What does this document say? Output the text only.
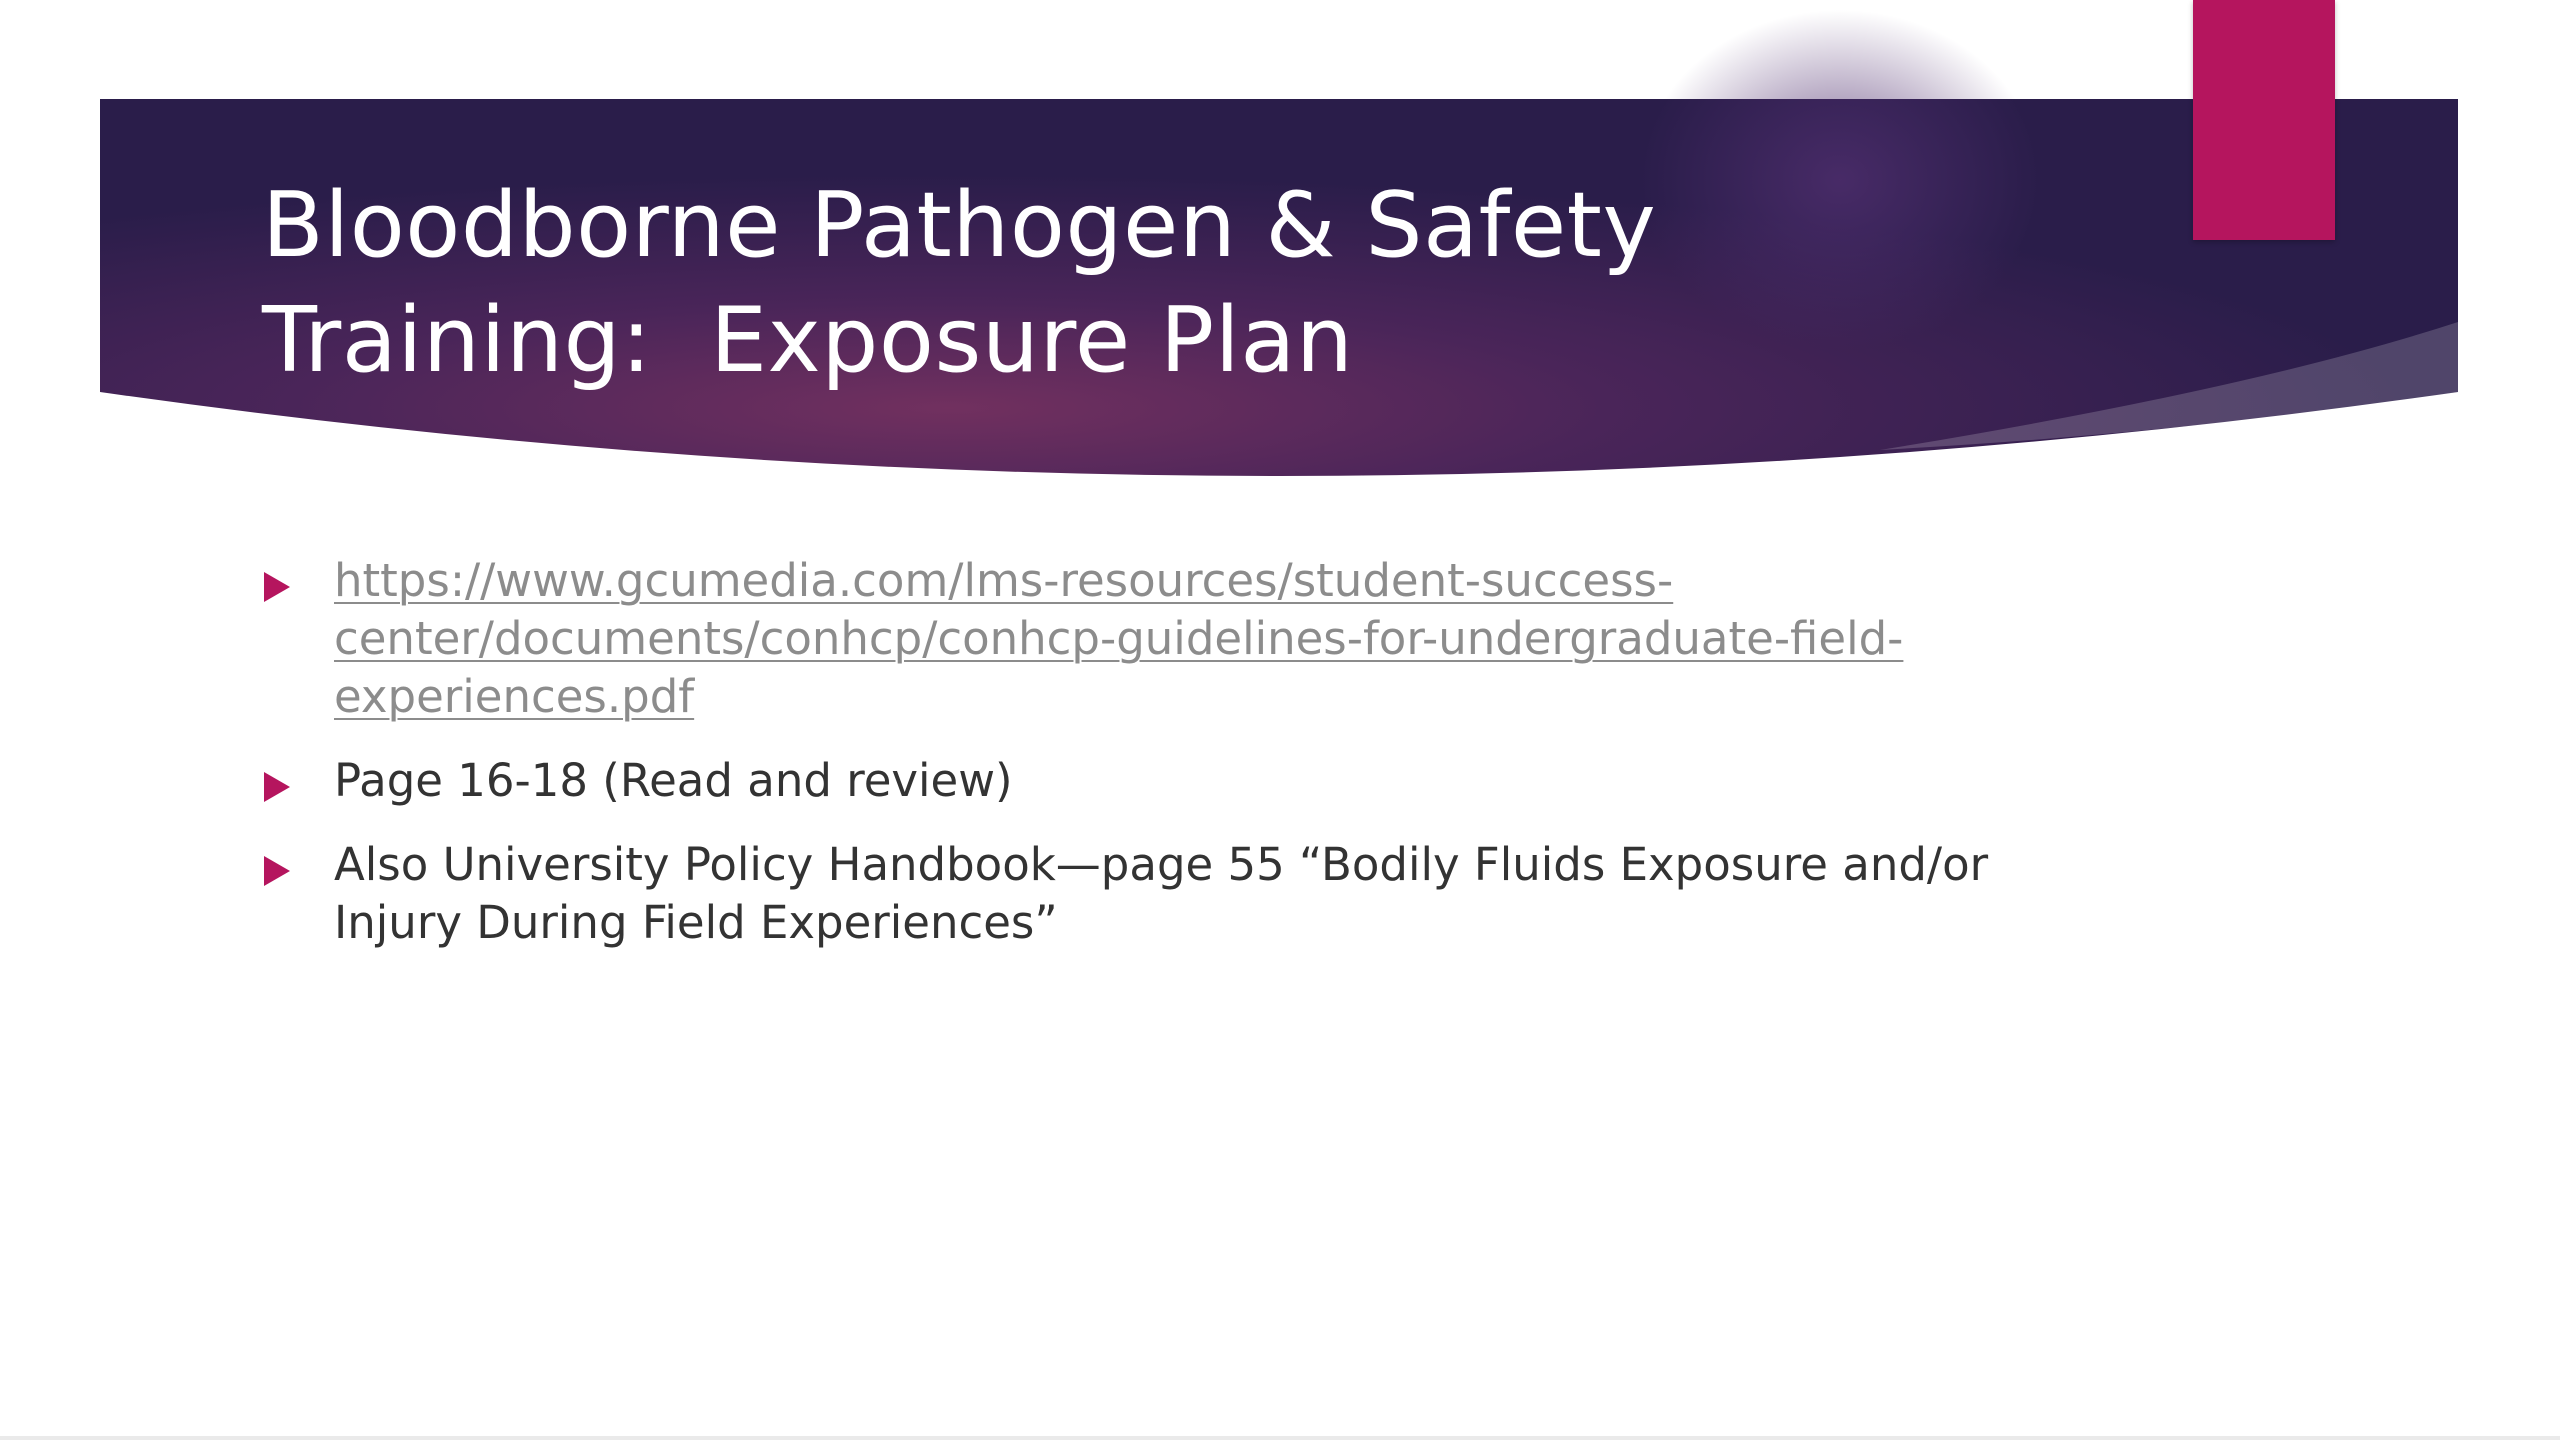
Bloodborne Pathogen & Safety
Training:  Exposure Plan
https://www.gcumedia.com/lms-resources/student-success-
center/documents/conhcp/conhcp-guidelines-for-undergraduate-field-
experiences.pdf
Page 16-18 (Read and review)
Also University Policy Handbook—page 55 “Bodily Fluids Exposure and/or Injury During Field Experiences”
